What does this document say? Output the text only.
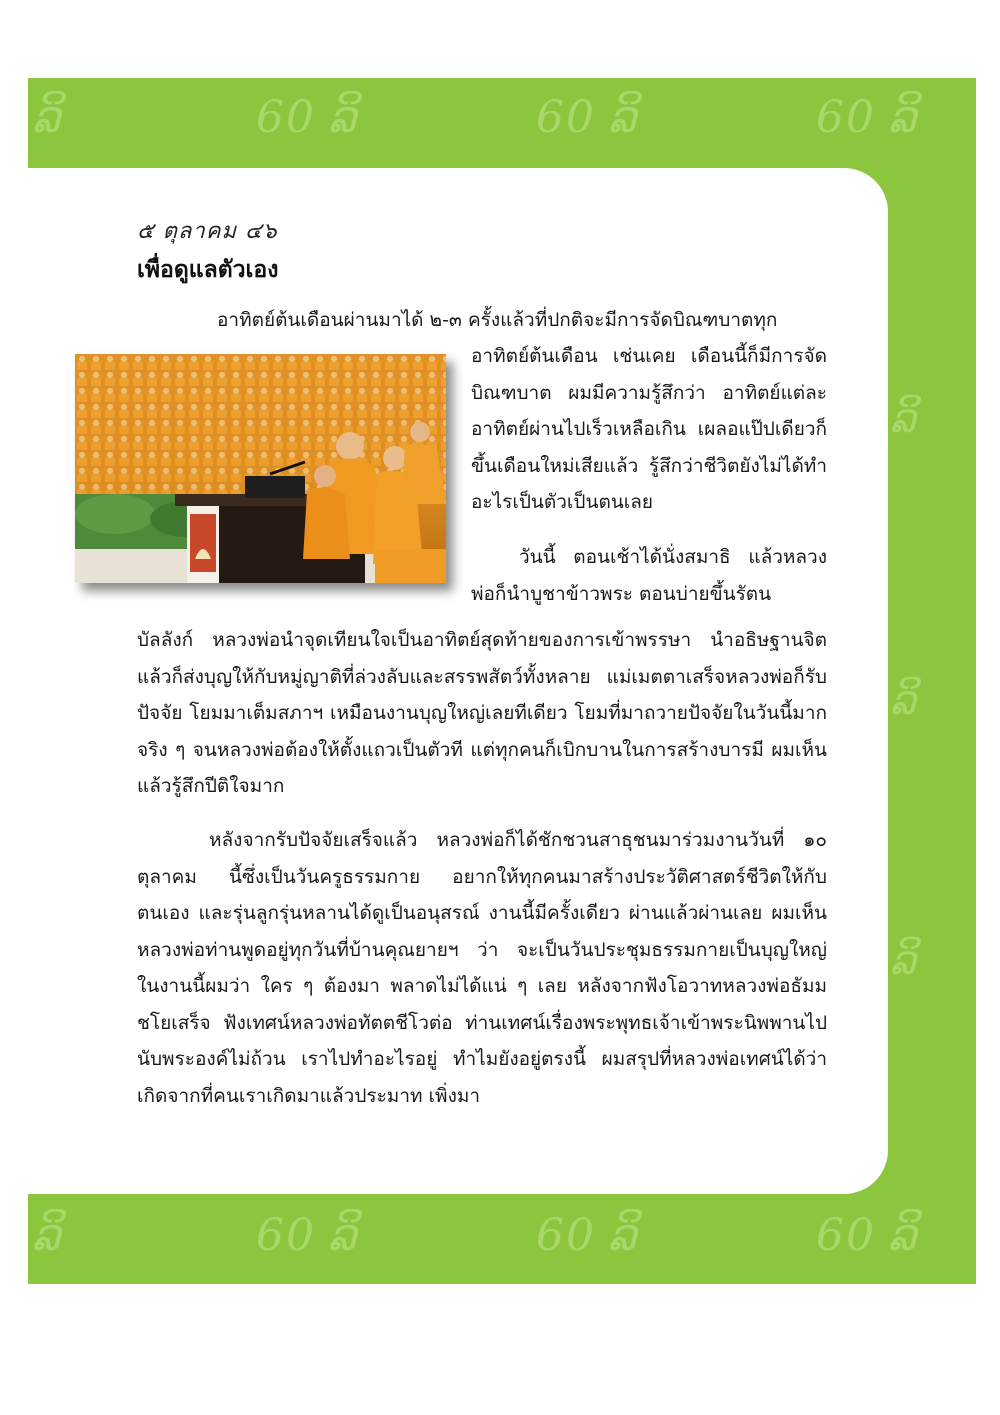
ລິ	60 ລິ	60 ລິ	60 ລິ
ລິ	60 ລິ	60 ລິ	60 ລິ
ລິ
ລິ
ລິ
๕ ตุลาคม ๔๖
เพื่อดูแลตัวเอง

อาทิตย์ต้นเดือนผ่านมาได้ ๒-๓ ครั้งแล้วที่ปกติจะมีการจัดบิณฑบาตทุก

อาทิตย์ต้นเดือน เช่นเคย เดือนนี้ก็มีการจัดบิณฑบาต ผมมีความรู้สึกว่า อาทิตย์แต่ละอาทิตย์ผ่านไปเร็วเหลือเกิน เผลอแป๊ปเดียวก็ขึ้นเดือนใหม่เสียแล้ว รู้สึกว่าชีวิตยังไม่ได้ทำอะไรเป็นตัวเป็นตนเลย

วันนี้ ตอนเช้าได้นั่งสมาธิ แล้วหลวงพ่อก็นำบูชาข้าวพระ ตอนบ่ายขึ้นรัตน

บัลลังก์ หลวงพ่อนำจุดเทียนใจเป็นอาทิตย์สุดท้ายของการเข้าพรรษา นำอธิษฐานจิต แล้วก็ส่งบุญให้กับหมู่ญาติที่ล่วงลับและสรรพสัตว์ทั้งหลาย แม่เมตตาเสร็จหลวงพ่อก็รับปัจจัย โยมมาเต็มสภาฯ เหมือนงานบุญใหญ่เลยทีเดียว โยมที่มาถวายปัจจัยในวันนี้มากจริง ๆ จนหลวงพ่อต้องให้ตั้งแถวเป็นตัวที แต่ทุกคนก็เบิกบานในการสร้างบารมี ผมเห็นแล้วรู้สึกปีติใจมาก

หลังจากรับปัจจัยเสร็จแล้ว หลวงพ่อก็ได้ชักชวนสาธุชนมาร่วมงานวันที่ ๑๐ ตุลาคม นี้ซึ่งเป็นวันครูธรรมกาย อยากให้ทุกคนมาสร้างประวัติศาสตร์ชีวิตให้กับตนเอง และรุ่นลูกรุ่นหลานได้ดูเป็นอนุสรณ์ งานนี้มีครั้งเดียว ผ่านแล้วผ่านเลย ผมเห็นหลวงพ่อท่านพูดอยู่ทุกวันที่บ้านคุณยายฯ ว่า จะเป็นวันประชุมธรรมกายเป็นบุญใหญ่ ในงานนี้ผมว่า ใคร ๆ ต้องมา พลาดไม่ได้แน่ ๆ เลย หลังจากฟังโอวาทหลวงพ่อธัมมชโยเสร็จ ฟังเทศน์หลวงพ่อทัตตชีโวต่อ ท่านเทศน์เรื่องพระพุทธเจ้าเข้าพระนิพพานไปนับพระองค์ไม่ถ้วน เราไปทำอะไรอยู่ ทำไมยังอยู่ตรงนี้ ผมสรุปที่หลวงพ่อเทศน์ได้ว่า เกิดจากที่คนเราเกิดมาแล้วประมาท เพิ่งมา
